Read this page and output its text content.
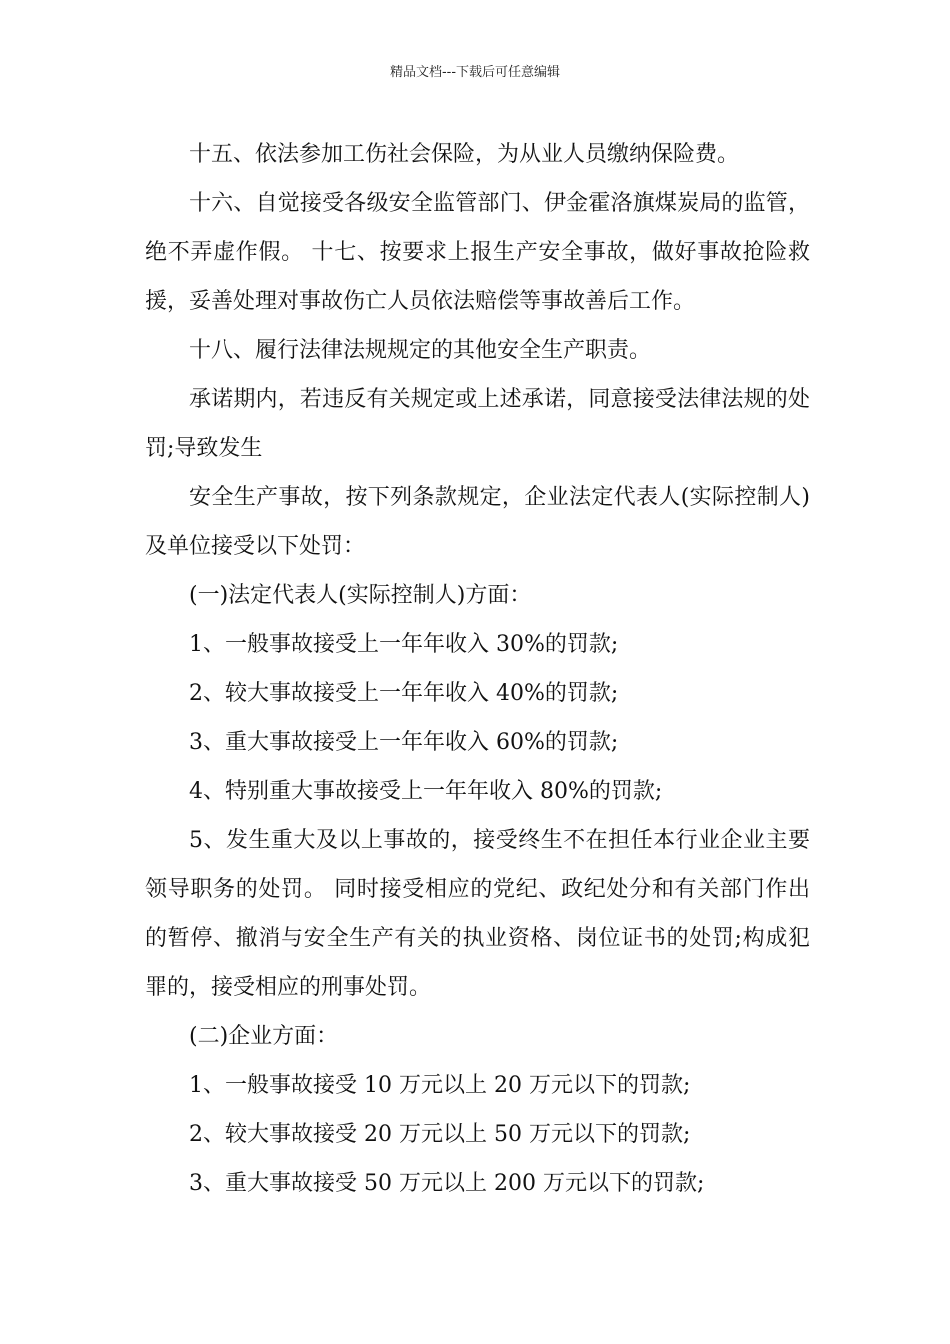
精品文档---下载后可任意编辑

十五、依法参加工伤社会保险，为从业人员缴纳保险费。

十六、自觉接受各级安全监管部门、伊金霍洛旗煤炭局的监管，绝不弄虚作假。 十七、按要求上报生产安全事故，做好事故抢险救援，妥善处理对事故伤亡人员依法赔偿等事故善后工作。

十八、履行法律法规规定的其他安全生产职责。

承诺期内，若违反有关规定或上述承诺，同意接受法律法规的处罚;导致发生

安全生产事故，按下列条款规定，企业法定代表人(实际控制人)及单位接受以下处罚：

(一)法定代表人(实际控制人)方面：

1、一般事故接受上一年年收入 30%的罚款;

2、较大事故接受上一年年收入 40%的罚款;

3、重大事故接受上一年年收入 60%的罚款;

4、特别重大事故接受上一年年收入 80%的罚款;

5、发生重大及以上事故的，接受终生不在担任本行业企业主要领导职务的处罚。 同时接受相应的党纪、政纪处分和有关部门作出的暂停、撤消与安全生产有关的执业资格、岗位证书的处罚;构成犯罪的，接受相应的刑事处罚。

(二)企业方面：

1、一般事故接受 10 万元以上 20 万元以下的罚款;

2、较大事故接受 20 万元以上 50 万元以下的罚款;

3、重大事故接受 50 万元以上 200 万元以下的罚款;
